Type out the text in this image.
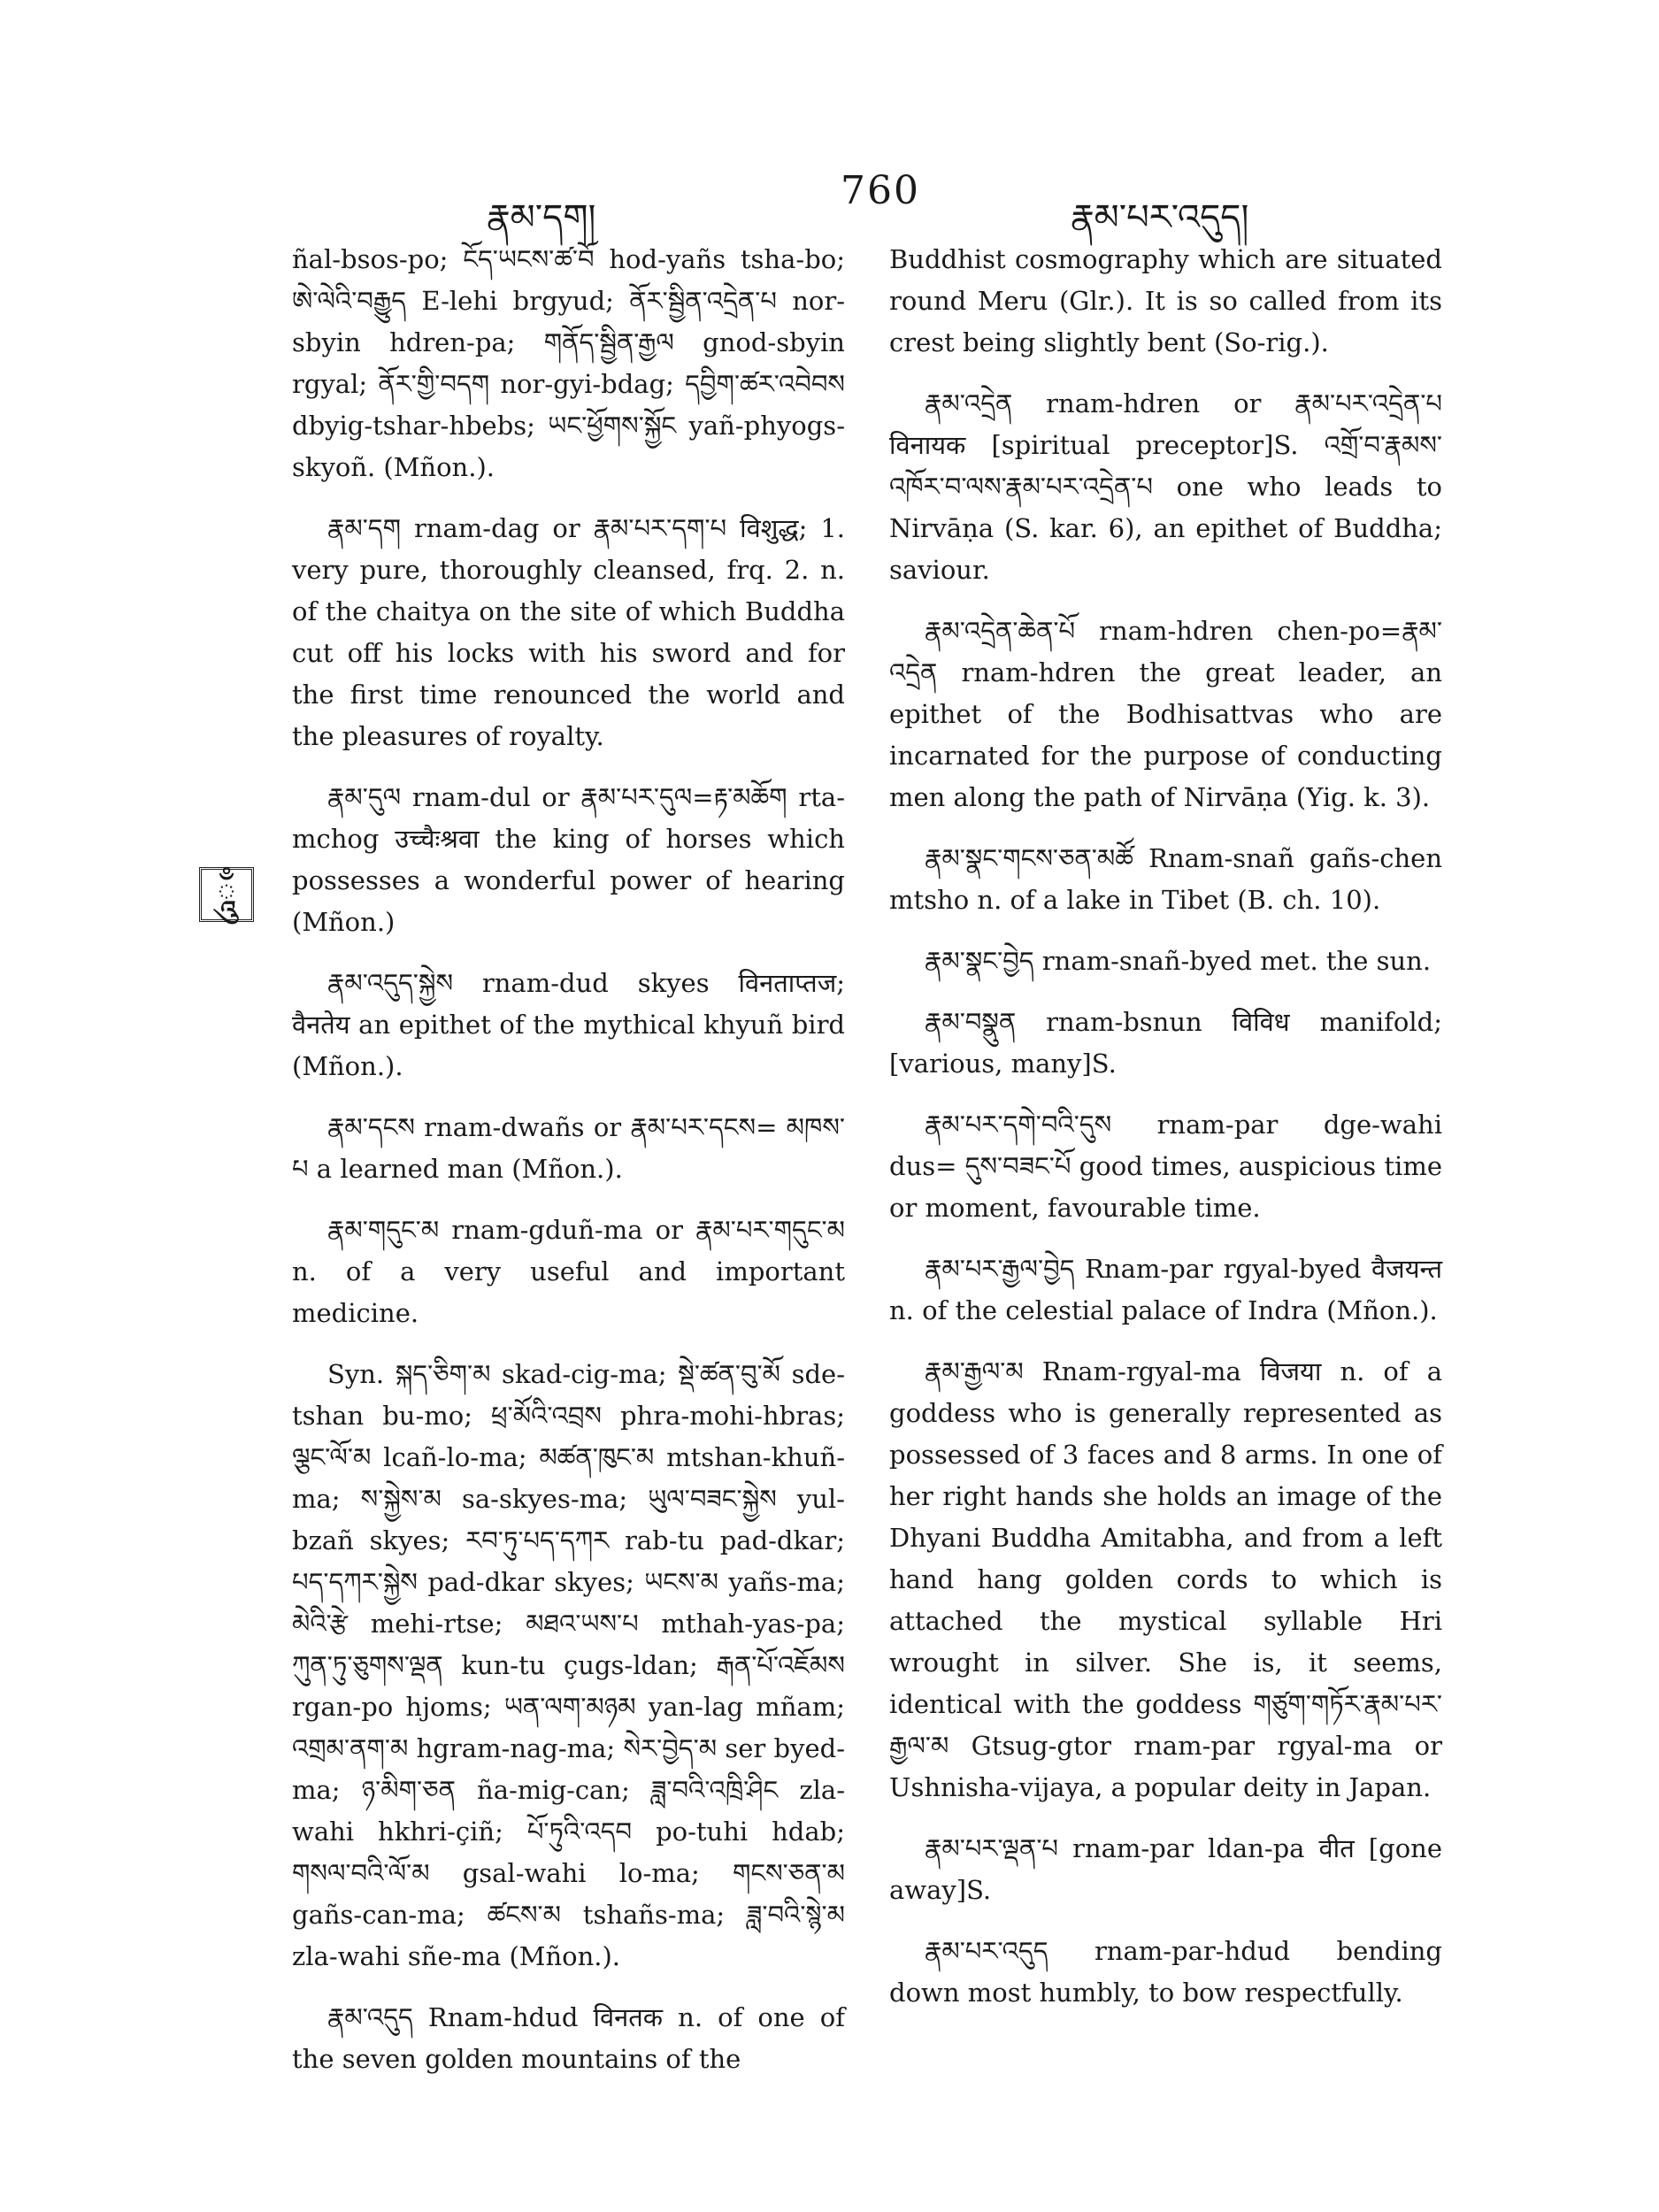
རྣམ་དག།
760
རྣམ་པར་འདུད།
ཱུྃ

ñal-bsos-po; ངོད་ཡངས་ཚ་བོ hod-yañs tsha-bo; ཨེ་ལེའི་བརྒྱུད E-lehi brgyud; ནོར་སྦྱིན་འདྲེན་པ nor-sbyin hdren-pa; གནོད་སྦྱིན་རྒྱལ gnod-sbyin rgyal; ནོར་གྱི་བདག nor-gyi-bdag; དབྱིག་ཚར་འབེབས dbyig-tshar-hbebs; ཡང་ཕྱོགས་སྐྱོང yañ-phyogs-skyoñ. (Mñon.).

རྣམ་དག rnam-dag or རྣམ་པར་དག་པ विशुद्ध; 1. very pure, thoroughly cleansed, frq. 2. n. of the chaitya on the site of which Buddha cut off his locks with his sword and for the first time renounced the world and the pleasures of royalty.

རྣམ་དུལ rnam-dul or རྣམ་པར་དུལ=རྟ་མཆོག rta-mchog उच्चैःश्रवा the king of horses which possesses a wonderful power of hearing (Mñon.)

རྣམ་འདུད་སྐྱེས rnam-dud skyes विनताप्तज; वैनतेय an epithet of the mythical khyuñ bird (Mñon.).

རྣམ་དངས rnam-dwañs or རྣམ་པར་དངས= མཁས་པ a learned man (Mñon.).

རྣམ་གདུང་མ rnam-gduñ-ma or རྣམ་པར་གདུང་མ n. of a very useful and important medicine.

Syn. སྐད་ཅིག་མ skad-cig-ma; སྡེ་ཚན་བུ་མོ sde-tshan bu-mo; ཕྲ་མོའི་འབྲས phra-mohi-hbras; ལྕང་ལོ་མ lcañ-lo-ma; མཚན་ཁུང་མ mtshan-khuñ-ma; ས་སྐྱེས་མ sa-skyes-ma; ཡུལ་བཟང་སྐྱེས yul-bzañ skyes; རབ་ཏུ་པད་དཀར rab-tu pad-dkar; པད་དཀར་སྐྱེས pad-dkar skyes; ཡངས་མ yañs-ma; མེའི་རྩེ mehi-rtse; མཐའ་ཡས་པ mthah-yas-pa; ཀུན་ཏུ་ཅུགས་ལྡན kun-tu çugs-ldan; རྒན་པོ་འཇོམས rgan-po hjoms; ཡན་ལག་མཉམ yan-lag mñam; འགྲམ་ནག་མ hgram-nag-ma; སེར་བྱེད་མ ser byed-ma; ཉ་མིག་ཅན ña-mig-can; ཟླ་བའི་འཁྲི་ཤིང zla-wahi hkhri-çiñ; པོ་ཏུའི་འདབ po-tuhi hdab; གསལ་བའི་ལོ་མ gsal-wahi lo-ma; གངས་ཅན་མ gañs-can-ma; ཚངས་མ tshañs-ma; ཟླ་བའི་སྙེ་མ zla-wahi sñe-ma (Mñon.).

རྣམ་འདུད Rnam-hdud विनतक n. of one of the seven golden mountains of the

Buddhist cosmography which are situated round Meru (Glr.). It is so called from its crest being slightly bent (So-rig.).

རྣམ་འདྲེན rnam-hdren or རྣམ་པར་འདྲེན་པ विनायक [spiritual preceptor]S. འགྲོ་བ་རྣམས་འཁོར་བ་ལས་རྣམ་པར་འདྲེན་པ one who leads to Nirvāṇa (S. kar. 6), an epithet of Buddha; saviour.

རྣམ་འདྲེན་ཆེན་པོ rnam-hdren chen-po=རྣམ་འདྲེན rnam-hdren the great leader, an epithet of the Bodhisattvas who are incarnated for the purpose of conducting men along the path of Nirvāṇa (Yig. k. 3).

རྣམ་སྣང་གངས་ཅན་མཚོ Rnam-snañ gañs-chen mtsho n. of a lake in Tibet (B. ch. 10).

རྣམ་སྣང་བྱེད rnam-snañ-byed met. the sun.

རྣམ་བསྣུན rnam-bsnun विविध manifold; [various, many]S.

རྣམ་པར་དགེ་བའི་དུས rnam-par dge-wahi dus= དུས་བཟང་པོ good times, auspicious time or moment, favourable time.

རྣམ་པར་རྒྱལ་བྱེད Rnam-par rgyal-byed वैजयन्त n. of the celestial palace of Indra (Mñon.).

རྣམ་རྒྱལ་མ Rnam-rgyal-ma विजया n. of a goddess who is generally represented as possessed of 3 faces and 8 arms. In one of her right hands she holds an image of the Dhyani Buddha Amitabha, and from a left hand hang golden cords to which is attached the mystical syllable Hri wrought in silver. She is, it seems, identical with the goddess གཙུག་གཏོར་རྣམ་པར་རྒྱལ་མ Gtsug-gtor rnam-par rgyal-ma or Ushnisha-vijaya, a popular deity in Japan.

རྣམ་པར་ལྡན་པ rnam-par ldan-pa वीत [gone away]S.

རྣམ་པར་འདུད rnam-par-hdud bending down most humbly, to bow respectfully.
